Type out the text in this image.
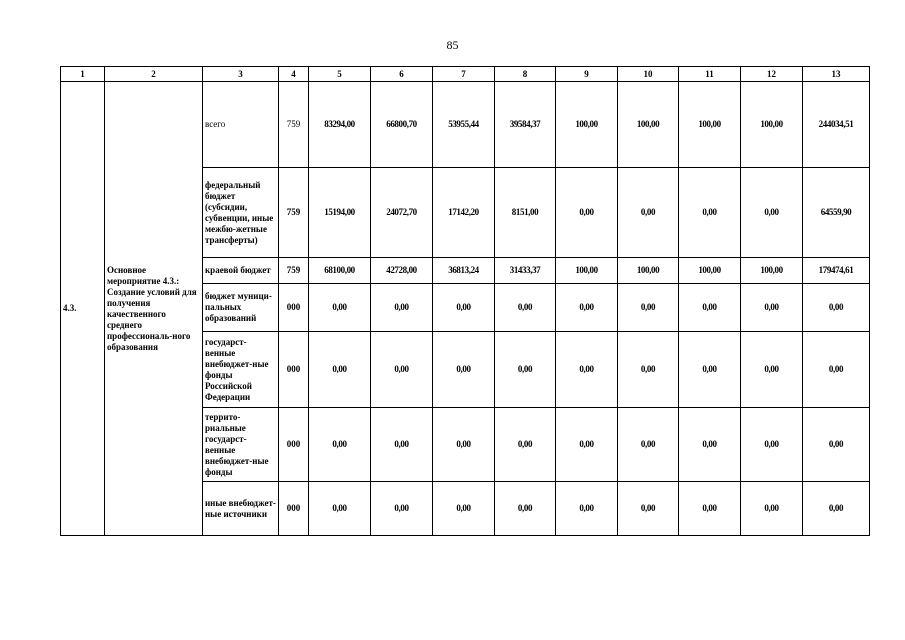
85
1	2	3	4	5	6	7	8	9	10	11	12	13
4.3.	Основное мероприятие 4.3.: Создание условий для получения качественного среднего профессиональ-ного образования	всего	759	83294,00	66800,70	53955,44	39584,37	100,00	100,00	100,00	100,00	244034,51
		федеральный бюджет (субсидии, субвенции, иные межбю-жетные трансферты)	759	15194,00	24072,70	17142,20	8151,00	0,00	0,00	0,00	0,00	64559,90
		краевой бюджет	759	68100,00	42728,00	36813,24	31433,37	100,00	100,00	100,00	100,00	179474,61
		бюджет муници-пальных образований	000	0,00	0,00	0,00	0,00	0,00	0,00	0,00	0,00	0,00
		государст-венные внебюджет-ные фонды Российской Федерации	000	0,00	0,00	0,00	0,00	0,00	0,00	0,00	0,00	0,00
		террито-риальные государст-венные внебюджет-ные фонды	000	0,00	0,00	0,00	0,00	0,00	0,00	0,00	0,00	0,00
		иные внебюджет-ные источники	000	0,00	0,00	0,00	0,00	0,00	0,00	0,00	0,00	0,00
